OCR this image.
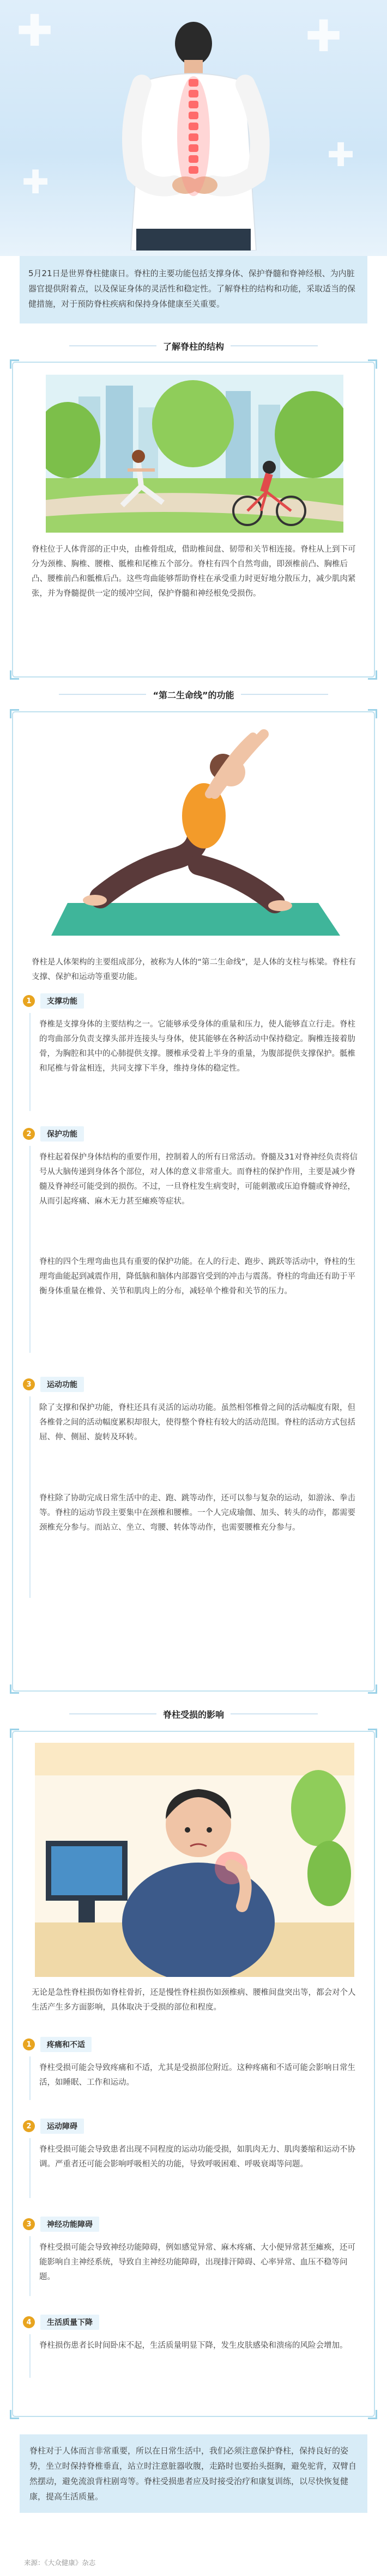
✚	✚
✚
✚
5月21日是世界脊柱健康日。脊柱的主要功能包括支撑身体、保护脊髓和脊神经根、为内脏器官提供附着点，以及保证身体的灵活性和稳定性。了解脊柱的结构和功能，采取适当的保健措施，对于预防脊柱疾病和保持身体健康至关重要。
了解脊柱的结构
脊柱位于人体背部的正中央，由椎骨组成，借助椎间盘、韧带和关节相连接。脊柱从上到下可分为颈椎、胸椎、腰椎、骶椎和尾椎五个部分。脊柱有四个自然弯曲，即颈椎前凸、胸椎后凸、腰椎前凸和骶椎后凸。这些弯曲能够帮助脊柱在承受重力时更好地分散压力，减少肌肉紧张，并为脊髓提供一定的缓冲空间，保护脊髓和神经根免受损伤。
“第二生命线”的功能
脊柱是人体架构的主要组成部分，被称为人体的“第二生命线”，是人体的支柱与栋梁。脊柱有支撑、保护和运动等重要功能。
1	支撑功能
脊椎是支撑身体的主要结构之一。它能够承受身体的重量和压力，使人能够直立行走。脊柱的弯曲部分负责支撑头部并连接头与身体，使其能够在各种活动中保持稳定。胸椎连接着肋骨，为胸腔和其中的心肺提供支撑。腰椎承受着上半身的重量，为腹部提供支撑保护。骶椎和尾椎与骨盆相连，共同支撑下半身，维持身体的稳定性。
2	保护功能
脊柱起着保护身体结构的重要作用，控制着人的所有日常活动。脊髓及31对脊神经负责将信号从大脑传递到身体各个部位，对人体的意义非常重大。而脊柱的保护作用，主要是减少脊髓及脊神经可能受到的损伤。不过，一旦脊柱发生病变时，可能刺激或压迫脊髓或脊神经，从而引起疼痛、麻木无力甚至瘫痪等症状。
脊柱的四个生理弯曲也具有重要的保护功能。在人的行走、跑步、跳跃等活动中，脊柱的生理弯曲能起到减震作用，降低脑和脑体内部器官受到的冲击与震荡。脊柱的弯曲还有助于平衡身体重量在椎骨、关节和肌肉上的分布，减轻单个椎骨和关节的压力。
3	运动功能
除了支撑和保护功能，脊柱还具有灵活的运动功能。虽然相邻椎骨之间的活动幅度有限，但各椎骨之间的活动幅度累积却很大，使得整个脊柱有较大的活动范围。脊柱的活动方式包括屈、伸、侧屈、旋转及环转。
脊柱除了协助完成日常生活中的走、跑、跳等动作，还可以参与复杂的运动，如游泳、拳击等。脊柱的运动节段主要集中在颈椎和腰椎。一个人完成瑜伽、加头、转头的动作，都需要颈椎充分参与。而站立、坐立、弯腰、转体等动作，也需要腰椎充分参与。
脊柱受损的影响
无论是急性脊柱损伤如脊柱骨折，还是慢性脊柱损伤如颈椎病、腰椎间盘突出等，都会对个人生活产生多方面影响，具体取决于受损的部位和程度。
1	疼痛和不适
脊柱受损可能会导致疼痛和不适，尤其是受损部位附近。这种疼痛和不适可能会影响日常生活，如睡眠、工作和运动。
2	运动障碍
脊柱受损可能会导致患者出现不同程度的运动功能受损，如肌肉无力、肌肉萎缩和运动不协调。严重者还可能会影响呼吸相关的功能，导致呼吸困难、呼吸衰竭等问题。
3	神经功能障碍
脊柱受损可能会导致神经功能障碍，例如感觉异常、麻木疼痛、大小便异常甚至瘫痪，还可能影响自主神经系统，导致自主神经功能障碍，出现排汗障碍、心率异常、血压不稳等问题。
4	生活质量下降
脊柱损伤患者长时间卧床不起，生活质量明显下降，发生皮肤感染和溃疡的风险会增加。
脊柱对于人体而言非常重要，所以在日常生活中，我们必须注意保护脊柱，保持良好的姿势，坐立时保持脊椎垂直，站立时注意脏器收腹，走路时也要抬头挺胸，避免驼背，双臂自然摆动，避免流浪背柱剧弯等。脊柱受损患者应及时接受治疗和康复训练，以尽快恢复健康，提高生活质量。
来源：《大众健康》杂志
